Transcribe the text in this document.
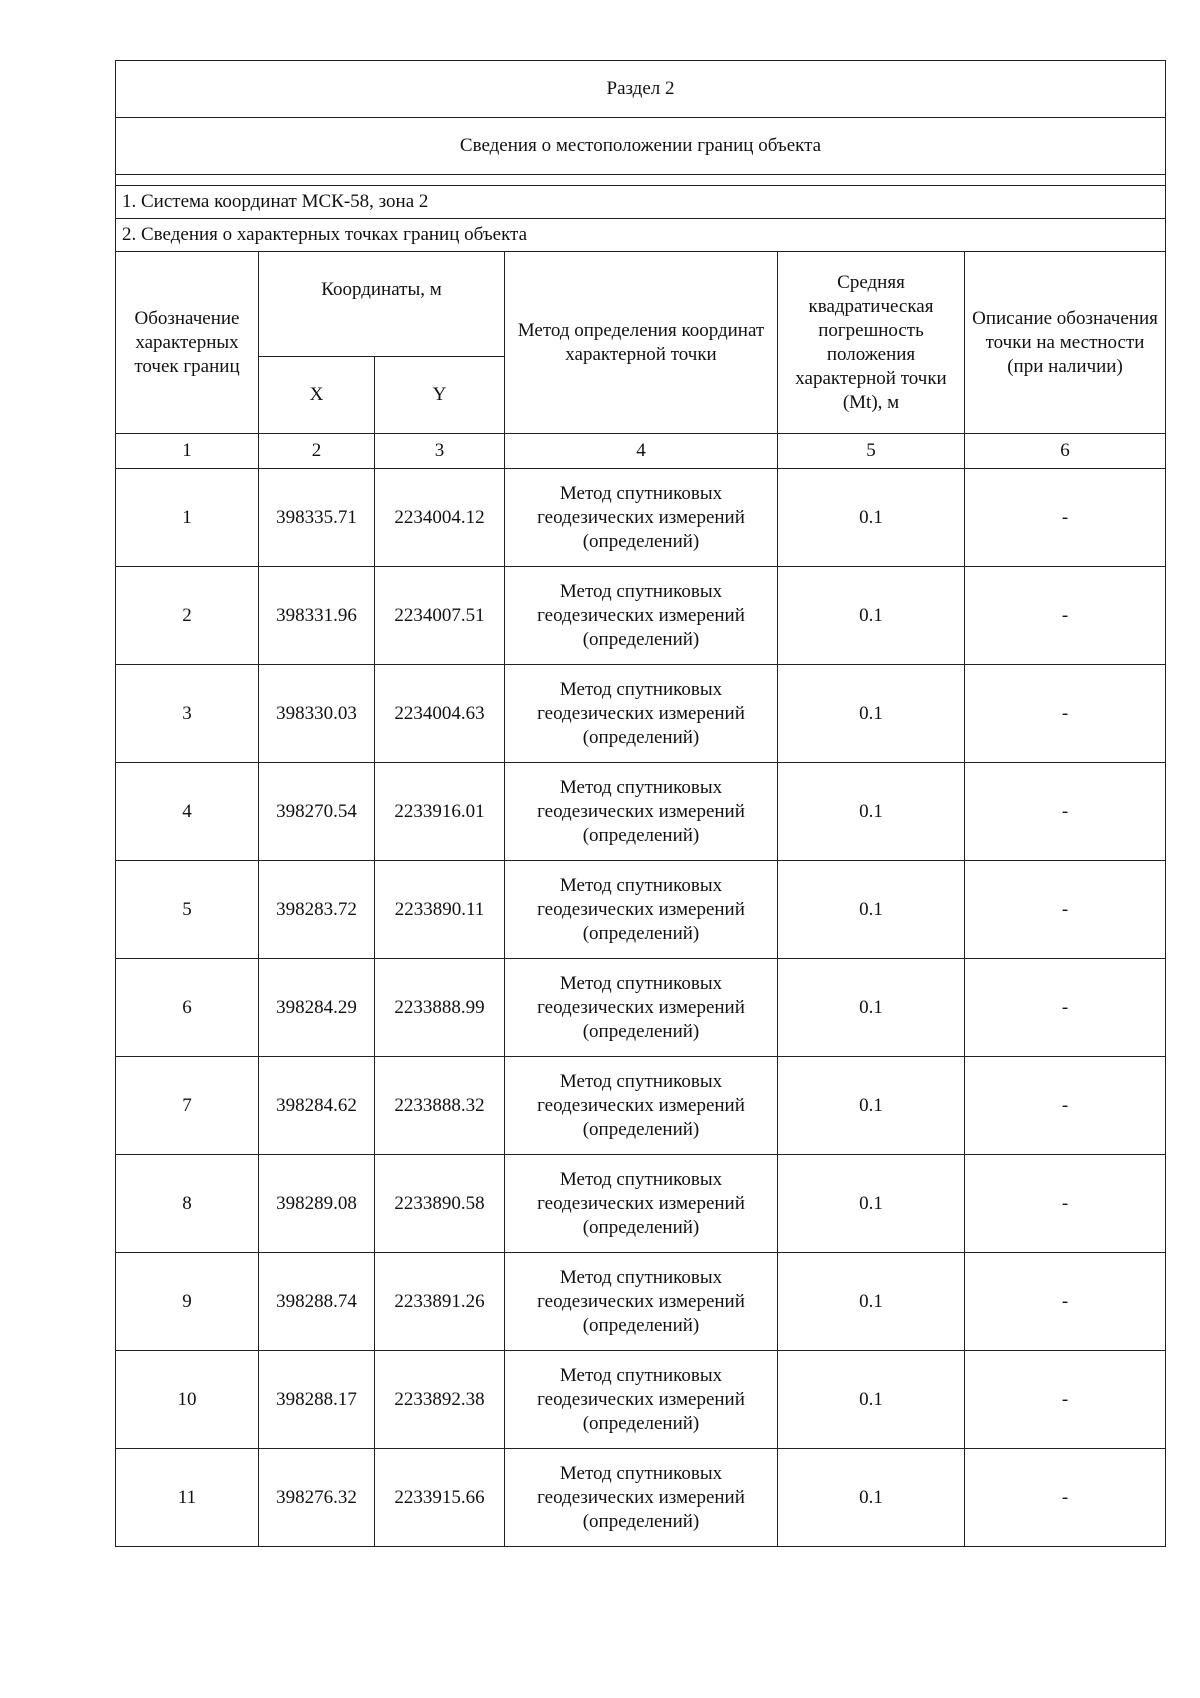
Раздел 2					
Сведения о местоположении границ объекта					

1. Система координат МСК-58, зона 2					
2. Сведения о характерных точках границ объекта					
Обозначение характерных точек границ	Координаты, м		Метод определения координат характерной точки	Средняя квадратическая погрешность положения характерной точки (Mt), м	Описание обозначения точки на местности (при наличии)
	X	Y			
1	2	3	4	5	6
1	398335.71	2234004.12	Метод спутниковых геодезических измерений (определений)	0.1	-
2	398331.96	2234007.51	Метод спутниковых геодезических измерений (определений)	0.1	-
3	398330.03	2234004.63	Метод спутниковых геодезических измерений (определений)	0.1	-
4	398270.54	2233916.01	Метод спутниковых геодезических измерений (определений)	0.1	-
5	398283.72	2233890.11	Метод спутниковых геодезических измерений (определений)	0.1	-
6	398284.29	2233888.99	Метод спутниковых геодезических измерений (определений)	0.1	-
7	398284.62	2233888.32	Метод спутниковых геодезических измерений (определений)	0.1	-
8	398289.08	2233890.58	Метод спутниковых геодезических измерений (определений)	0.1	-
9	398288.74	2233891.26	Метод спутниковых геодезических измерений (определений)	0.1	-
10	398288.17	2233892.38	Метод спутниковых геодезических измерений (определений)	0.1	-
11	398276.32	2233915.66	Метод спутниковых геодезических измерений (определений)	0.1	-
